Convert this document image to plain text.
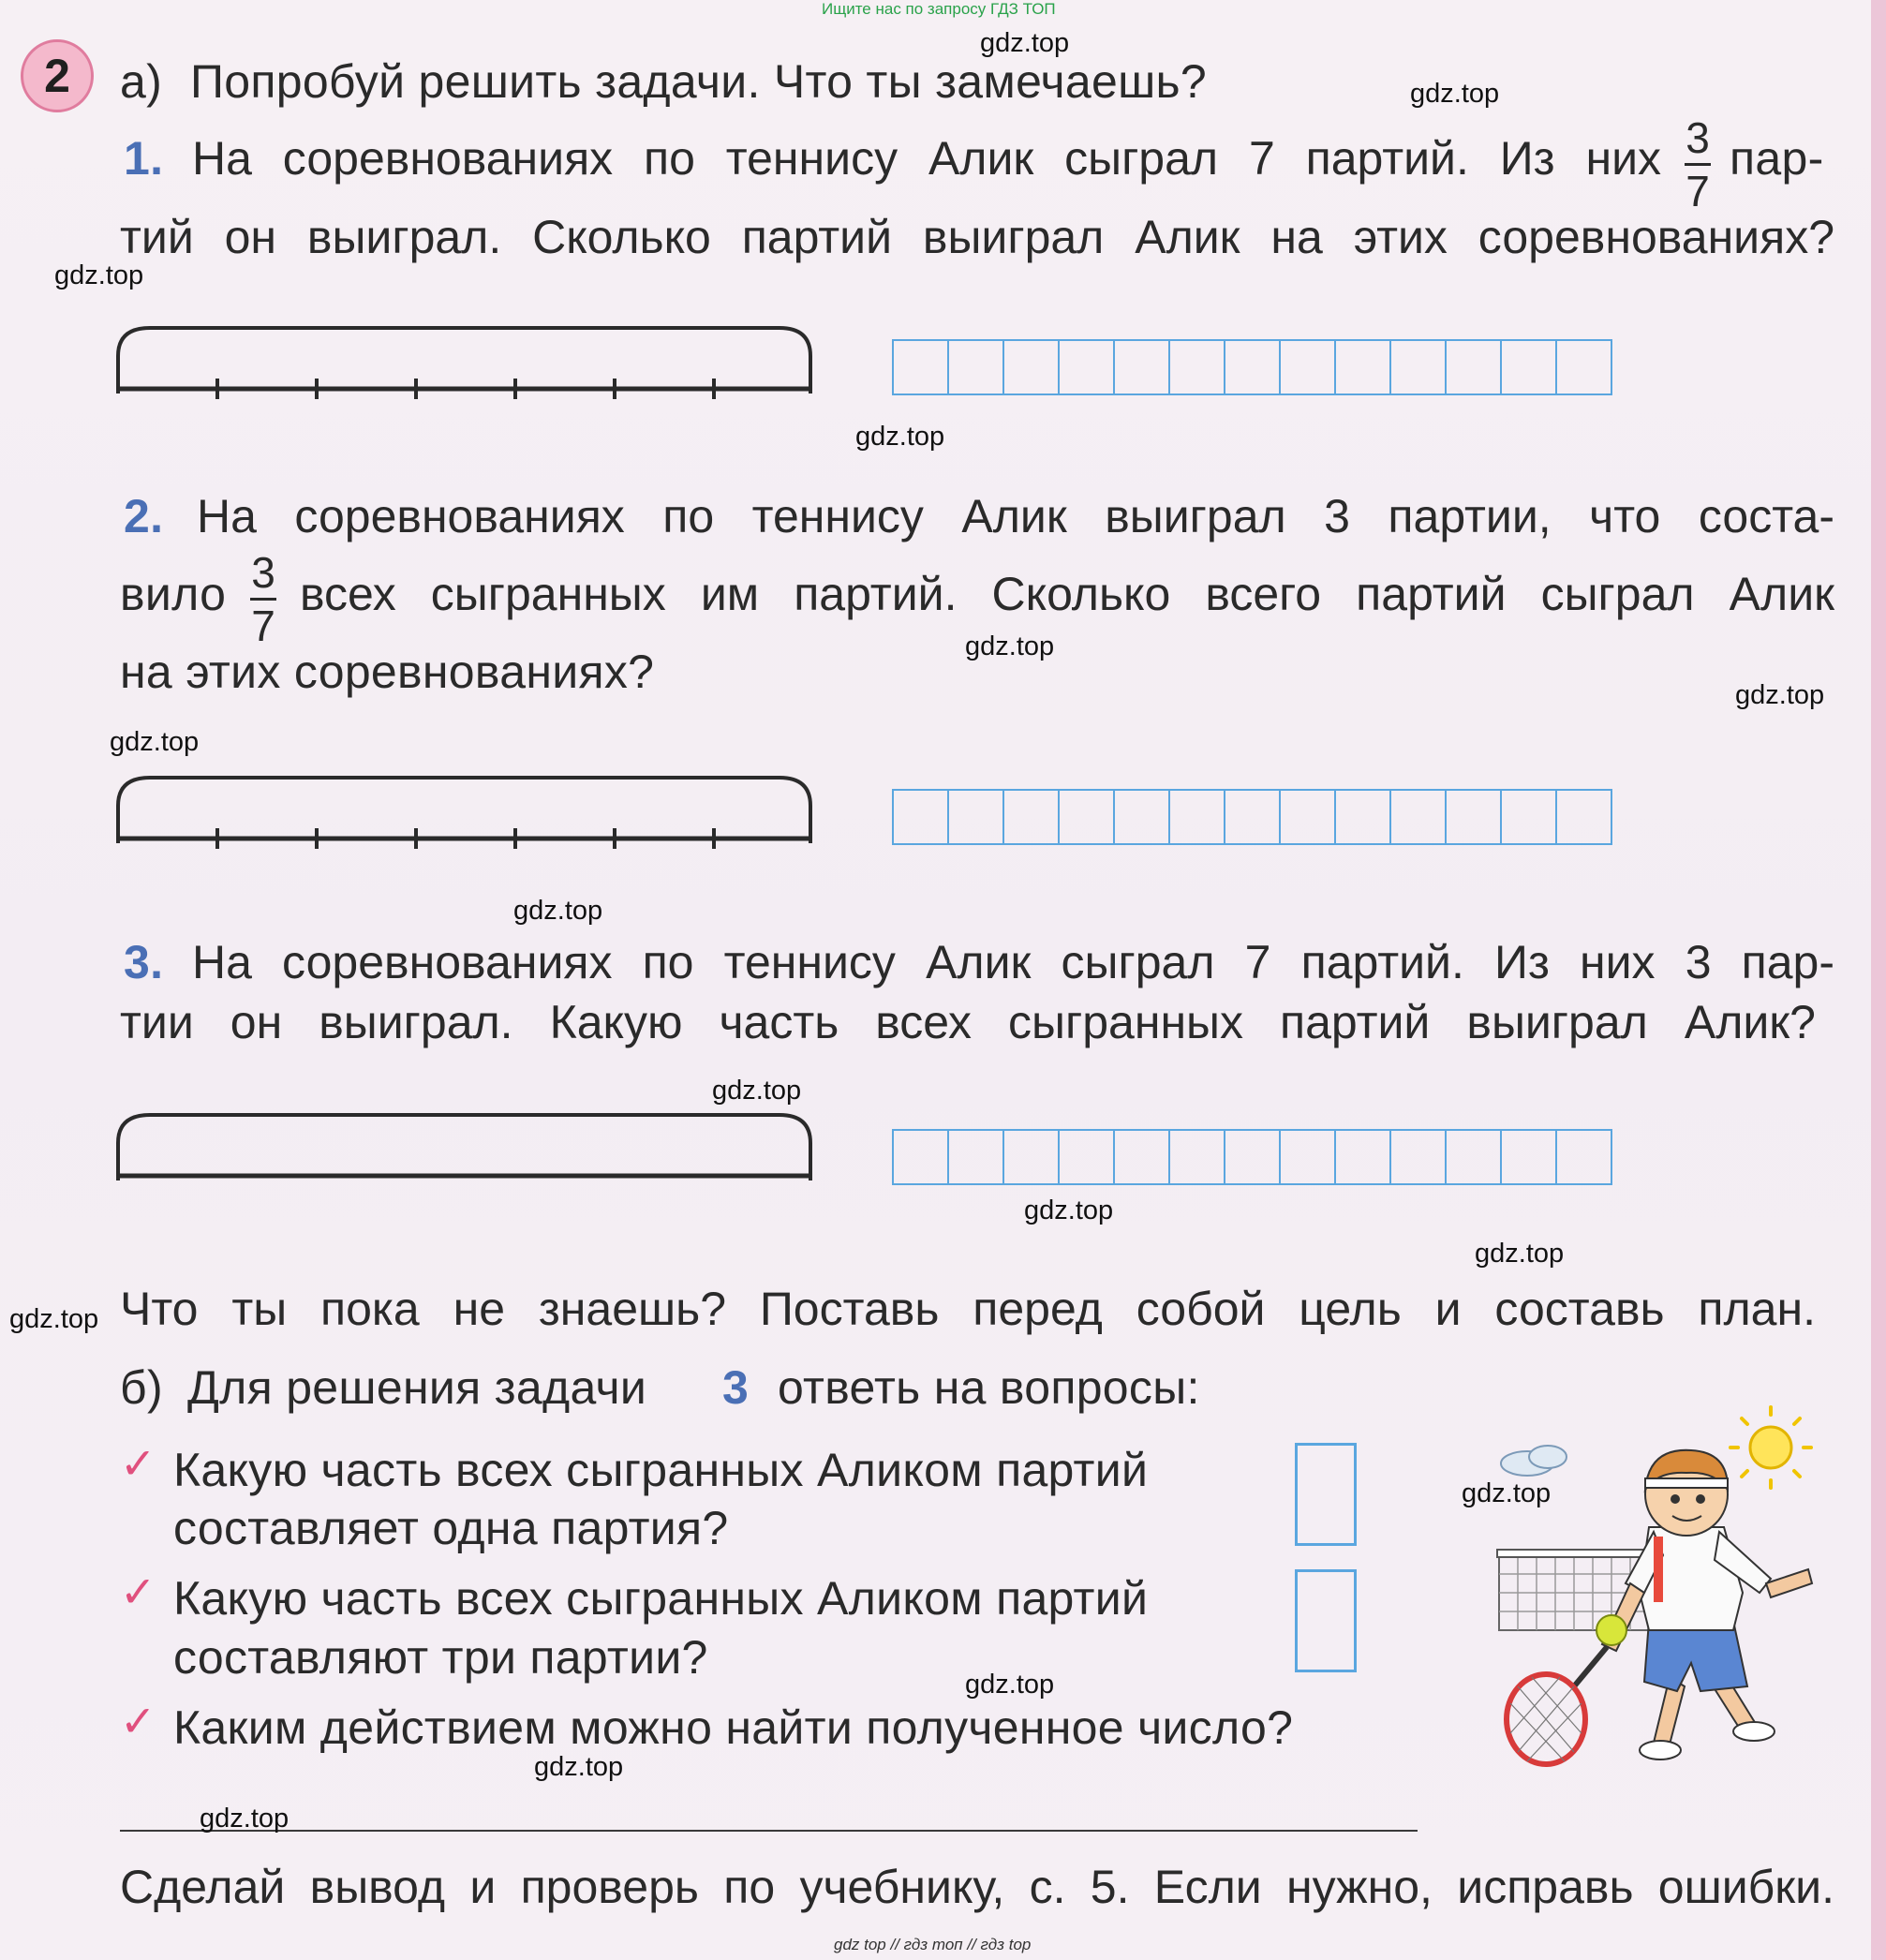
Ищите нас по запросу ГДЗ ТОП
2	а) Попробуй решить задачи. Что ты замечаешь?
1. На соревнованиях по теннису Алик сыграл 7 партий. Из них 3
7
пар-
тий он выиграл. Сколько партий выиграл Алик на этих соревнованиях?
2. На соревнованиях по теннису Алик выиграл 3 партии, что соста-
вило 3
7
всех сыгранных им партий. Сколько всего партий сыграл Алик
на этих соревнованиях?
3. На соревнованиях по теннису Алик сыграл 7 партий. Из них 3 пар-
тии он выиграл. Какую часть всех сыгранных партий выиграл Алик?
Что ты пока не знаешь? Поставь перед собой цель и составь план.
б) Для решения задачи 3 ответь на вопросы:
✓ Какую часть всех сыгранных Аликом партий
составляет одна партия?
✓ Какую часть всех сыгранных Аликом партий
составляют три партии?
✓ Каким действием можно найти полученное число?
Сделай вывод и проверь по учебнику, с. 5. Если нужно, исправь ошибки.
gdz.top
gdz.top
gdz.top
gdz.top
gdz.top
gdz.top
gdz.top
gdz.top
gdz.top
gdz.top
gdz.top
gdz.top
gdz.top
gdz.top
gdz.top
gdz.top
gdz top // гдз топ // гдз top
